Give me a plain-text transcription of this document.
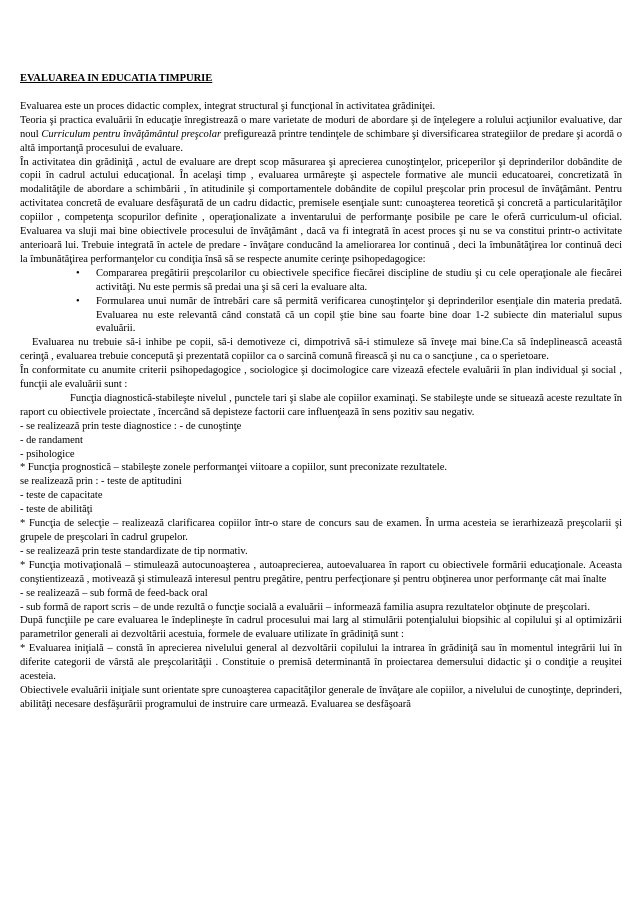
EVALUAREA IN EDUCATIA TIMPURIE

Evaluarea este un proces didactic complex, integrat structural şi funcţional în activitatea grădiniţei.

Teoria şi practica evaluării în educaţie înregistrează o mare varietate de moduri de abordare şi de înţelegere a rolului acţiunilor evaluative, dar noul Curriculum pentru învăţământul preşcolar prefigurează printre tendinţele de schimbare şi diversificarea strategiilor de predare şi acordă o altă importanţă procesului de evaluare.

În activitatea din grădiniţă , actul de evaluare are drept scop măsurarea şi aprecierea cunoştinţelor, priceperilor şi deprinderilor dobândite de copii în cadrul actului educaţional. În acelaşi timp , evaluarea urmăreşte şi aspectele formative ale muncii educatoarei, concretizată în modalităţile de abordare a schimbării , în atitudinile şi comportamentele dobândite de copilul preşcolar prin procesul de învăţământ. Pentru activitatea concretă de evaluare desfăşurată de un cadru didactic, premisele esenţiale sunt: cunoaşterea teoretică şi concretă a particularităţilor copiilor , competenţa scopurilor definite , operaţionalizate a inventarului de performanţe posibile pe care le oferă curriculum-ul oficial. Evaluarea va sluji mai bine obiectivele procesului de învăţământ , dacă va fi integrată în acest proces şi nu se va constitui printr-o activitate anterioară lui. Trebuie integrată în actele de predare - învăţare conducând la ameliorarea lor continuă , deci la îmbunătăţirea lor continuă deci la îmbunătăţirea performanţelor cu condiţia însă să se respecte anumite cerinţe psihopedagogice:

• Compararea pregătirii preşcolarilor cu obiectivele specifice fiecărei discipline de studiu şi cu cele operaţionale ale fiecărei activităţi. Nu este permis să predai una şi să ceri la evaluare alta.
• Formularea unui număr de întrebări care să permită verificarea cunoştinţelor şi deprinderilor esenţiale din materia predată. Evaluarea nu este relevantă când constată că un copil ştie bine sau foarte bine doar 1-2 subiecte din materialul supus evaluării.

Evaluarea nu trebuie să-i inhibe pe copii, să-i demotiveze ci, dimpotrivă să-i stimuleze să înveţe mai bine.Ca să îndeplinească această cerinţă , evaluarea trebuie concepută şi prezentată copiilor ca o sarcină comună firească şi nu ca o sancţiune , ca o sperietoare.

În conformitate cu anumite criterii psihopedagogice , sociologice şi docimologice care vizează efectele evaluării în plan individual şi social , funcţii ale evaluării sunt :

Funcţia diagnostică-stabileşte nivelul , punctele tari şi slabe ale copiilor examinaţi. Se stabileşte unde se situează aceste rezultate în raport cu obiectivele proiectate , încercând să depisteze factorii care influenţează în sens pozitiv sau negativ.

- se realizează prin teste diagnostice : - de cunoştinţe

- de randament

- psihologice

* Funcţia prognostică – stabileşte zonele performanţei viitoare a copiilor, sunt preconizate rezultatele.

se realizează prin : - teste de aptitudini

- teste de capacitate

- teste de abilităţi

* Funcţia de selecţie – realizează clarificarea copiilor într-o stare de concurs sau de examen. În urma acesteia se ierarhizează preşcolarii şi grupele de preşcolari în cadrul grupelor.

- se realizează prin teste standardizate de tip normativ.

* Funcţia motivaţională – stimulează autocunoaşterea , autoaprecierea, autoevaluarea în raport cu obiectivele formării educaţionale. Aceasta conştientizează , motivează şi stimulează interesul pentru pregătire, pentru perfecţionare şi pentru obţinerea unor performanţe cât mai înalte

- se realizează – sub formă de feed-back oral

- sub formă de raport scris – de unde rezultă o funcţie socială a evaluării – informează familia asupra rezultatelor obţinute de preşcolari.

După funcţiile pe care evaluarea le îndeplineşte în cadrul procesului mai larg al stimulării potenţialului biopsihic al copilului şi al optimizării parametrilor generali ai dezvoltării acestuia, formele de evaluare utilizate în grădiniţă sunt :

* Evaluarea iniţială – constă în aprecierea nivelului general al dezvoltării copilului la intrarea în grădiniţă sau în momentul integrării lui în diferite categorii de vârstă ale preşcolarităţii . Constituie o premisă determinantă în proiectarea demersului didactic şi o condiţie a reuşitei acesteia.

Obiectivele evaluării iniţiale sunt orientate spre cunoaşterea capacităţilor generale de învăţare ale copiilor, a nivelului de cunoştinţe, deprinderi, abilităţi necesare desfăşurării programului de instruire care urmează. Evaluarea se desfăşoară
